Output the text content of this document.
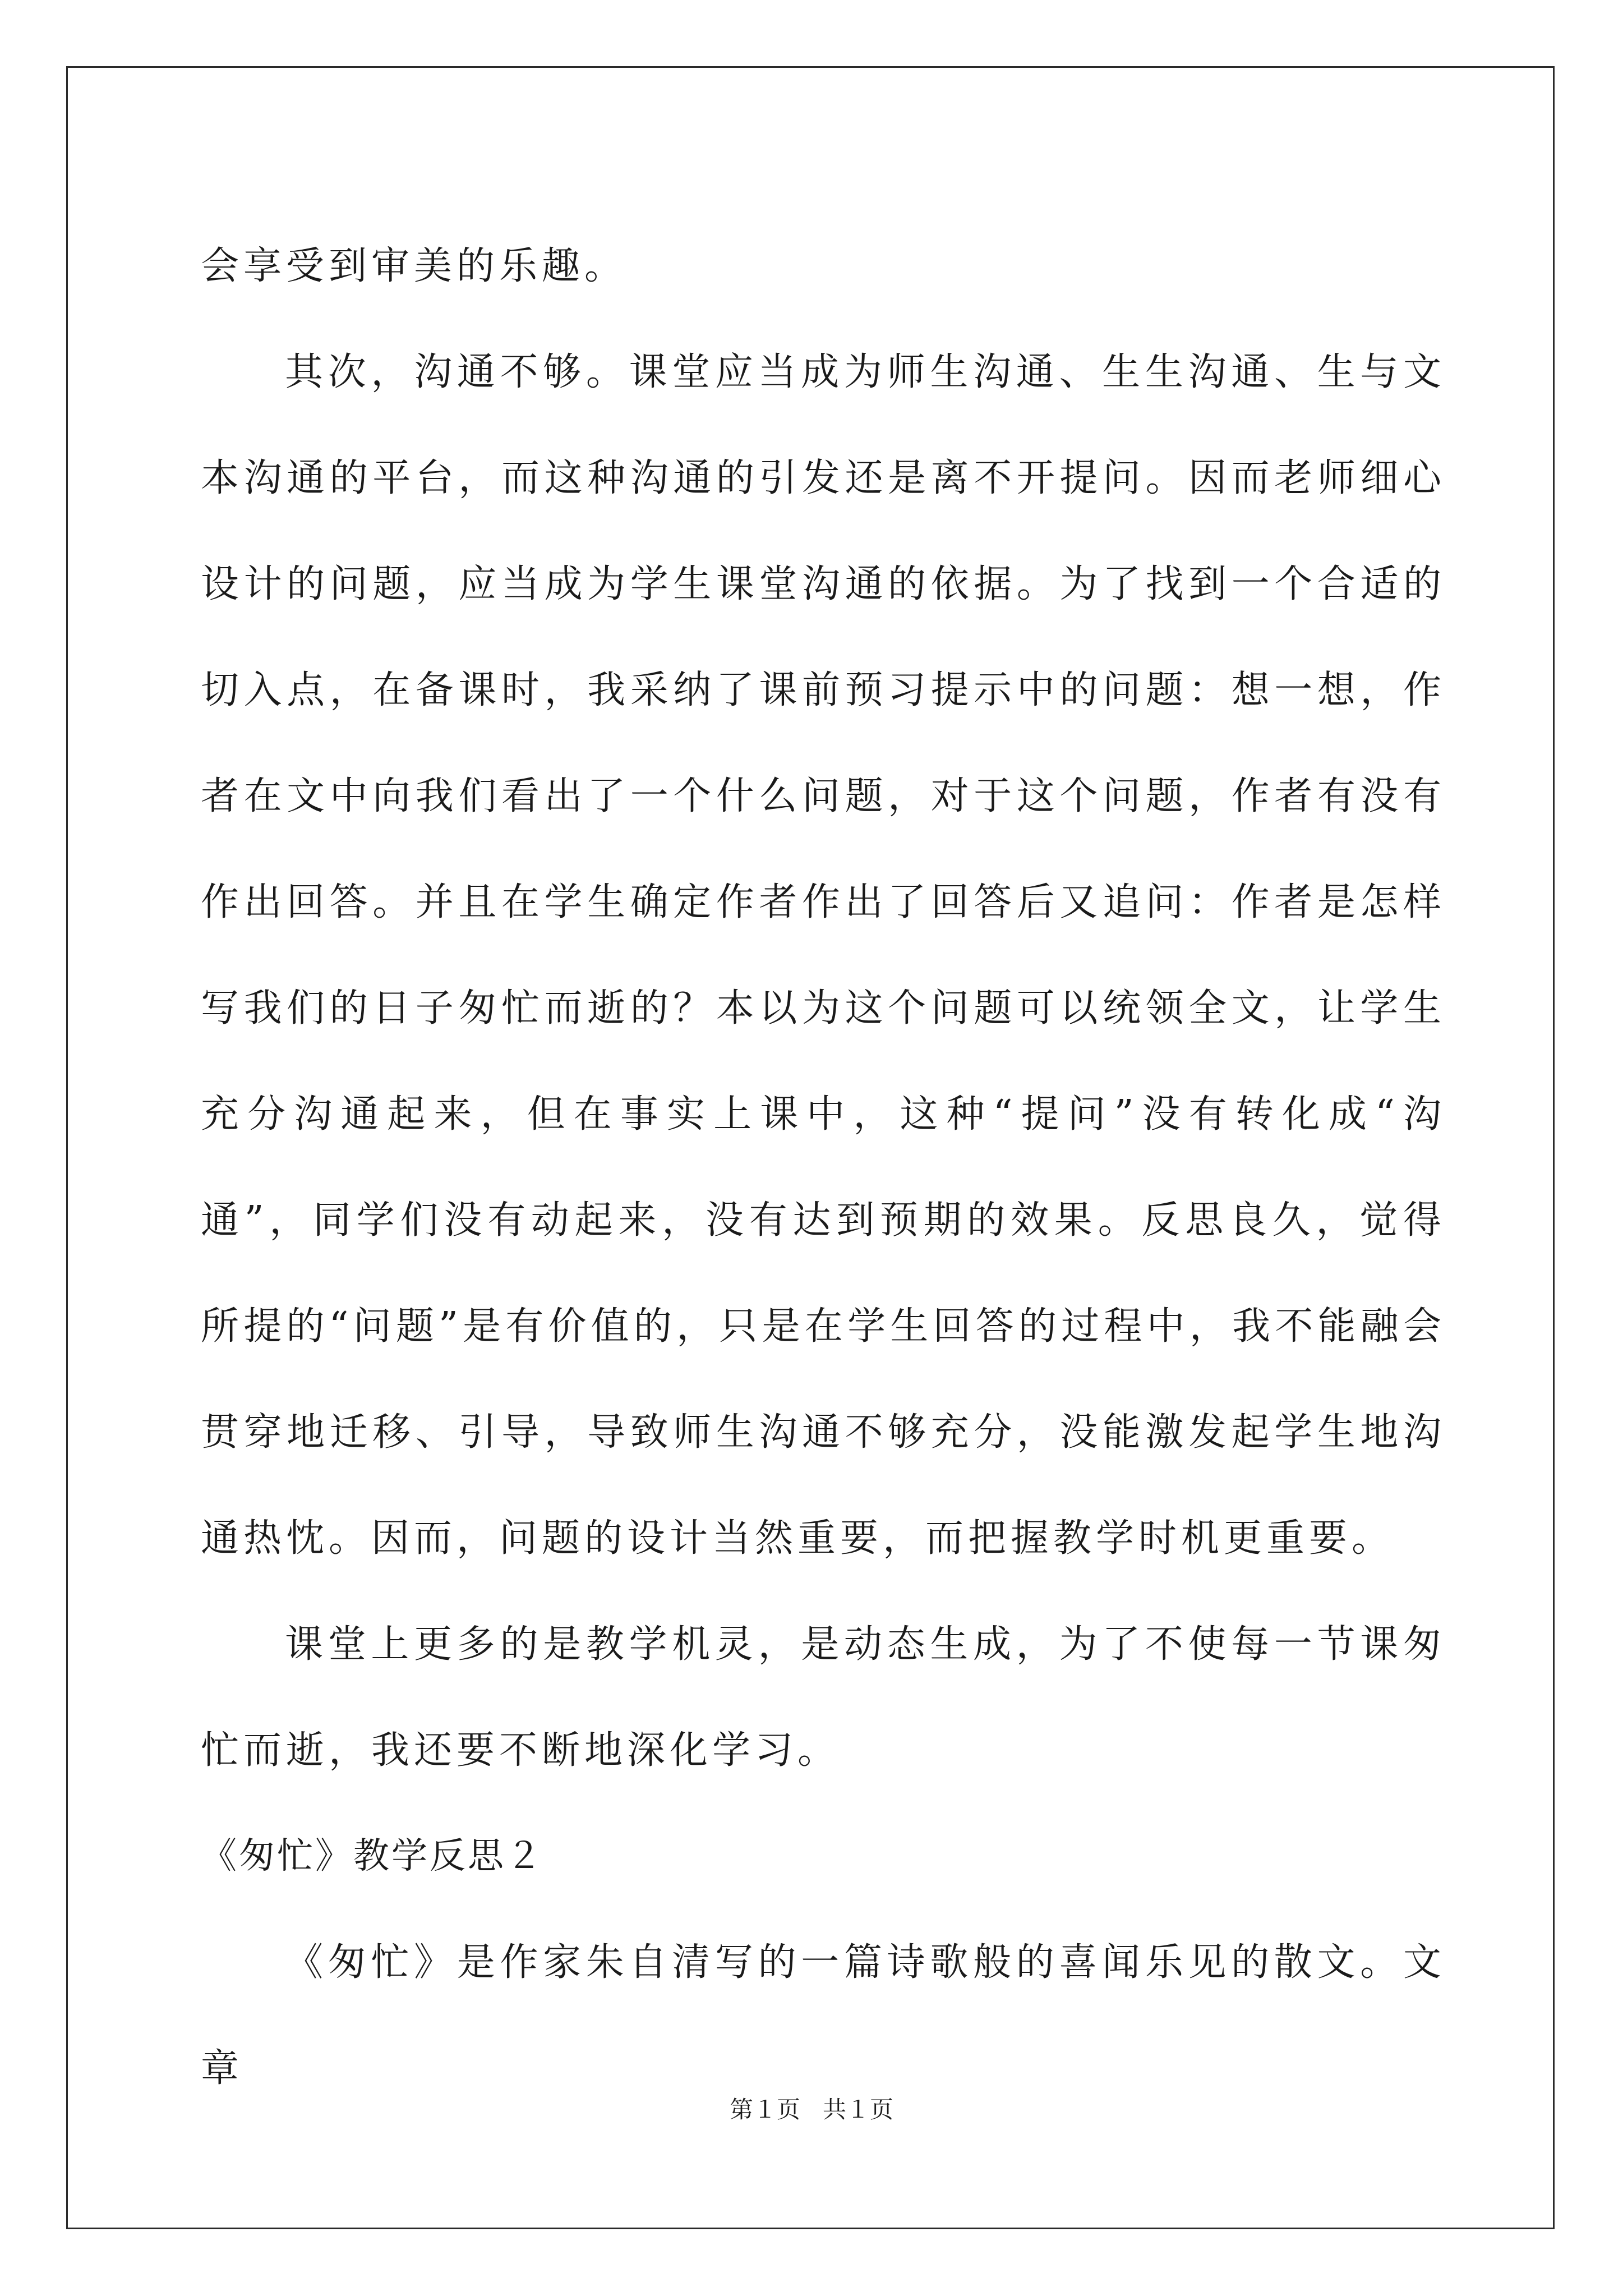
会享受到审美的乐趣。

其次，沟通不够。课堂应当成为师生沟通、生生沟通、生与文本沟通的平台，而这种沟通的引发还是离不开提问。因而老师细心设计的问题，应当成为学生课堂沟通的依据。为了找到一个合适的切入点，在备课时，我采纳了课前预习提示中的问题：想一想，作者在文中向我们看出了一个什么问题，对于这个问题，作者有没有作出回答。并且在学生确定作者作出了回答后又追问：作者是怎样写我们的日子匆忙而逝的？本以为这个问题可以统领全文，让学生充分沟通起来，但在事实上课中，这种“提问”没有转化成“沟通”，同学们没有动起来，没有达到预期的效果。反思良久，觉得所提的“问题”是有价值的，只是在学生回答的过程中，我不能融会贯穿地迁移、引导，导致师生沟通不够充分，没能激发起学生地沟通热忱。因而，问题的设计当然重要，而把握教学时机更重要。

课堂上更多的是教学机灵，是动态生成，为了不使每一节课匆忙而逝，我还要不断地深化学习。

《匆忙》教学反思２

《匆忙》是作家朱自清写的一篇诗歌般的喜闻乐见的散文。文章

第１页 共１页
